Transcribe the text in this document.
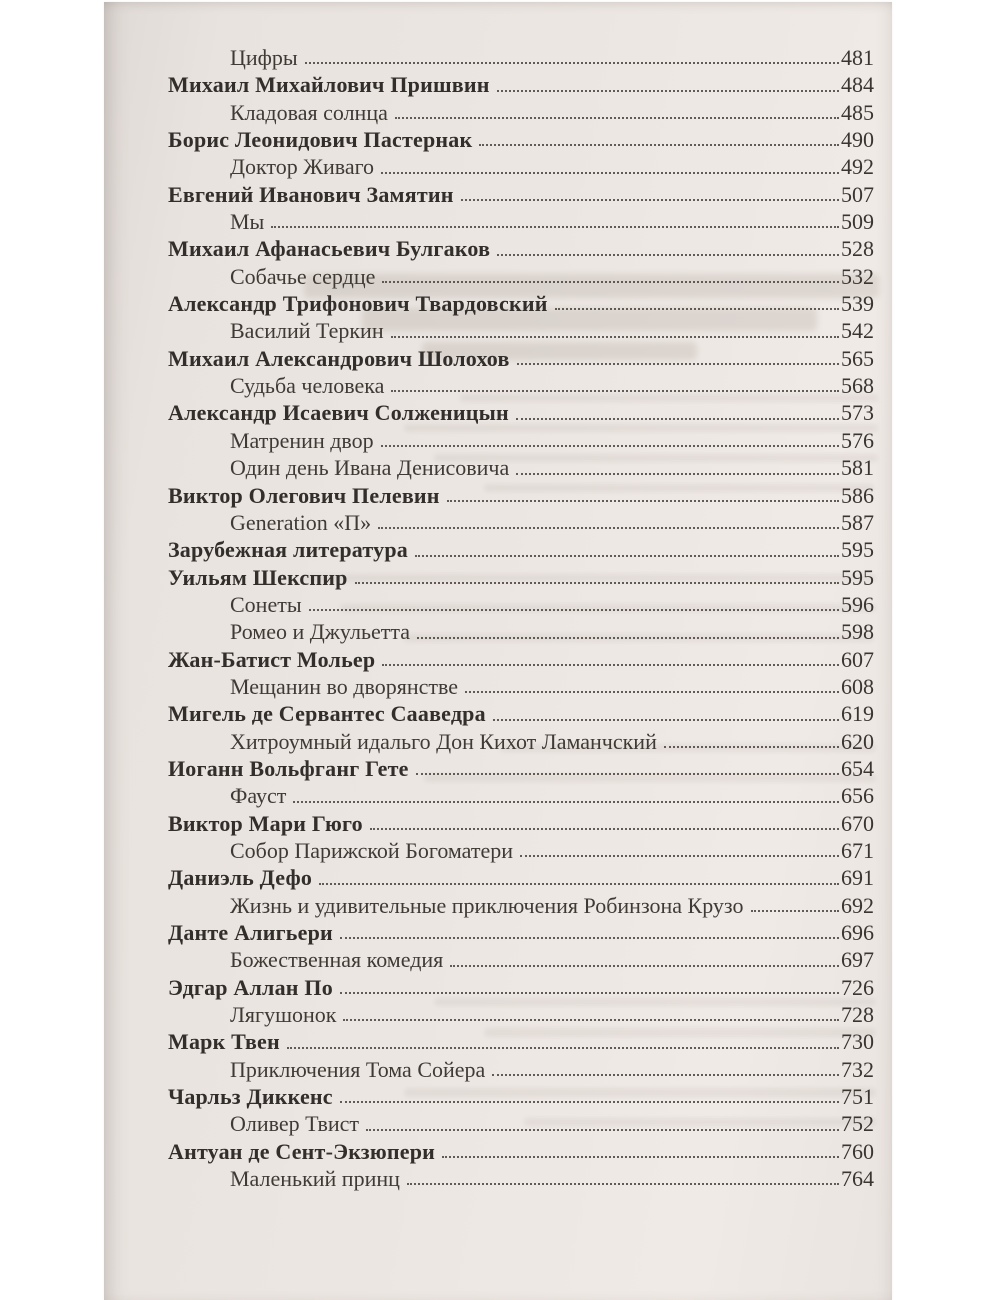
Цифры	481
Михаил Михайлович Пришвин	484
Кладовая солнца	485
Борис Леонидович Пастернак	490
Доктор Живаго	492
Евгений Иванович Замятин	507
Мы	509
Михаил Афанасьевич Булгаков	528
Собачье сердце	532
Александр Трифонович Твардовский	539
Василий Теркин	542
Михаил Александрович Шолохов	565
Судьба человека	568
Александр Исаевич Солженицын	573
Матренин двор	576
Один день Ивана Денисовича	581
Виктор Олегович Пелевин	586
Generation «П»	587
Зарубежная литература	595
Уильям Шекспир	595
Сонеты	596
Ромео и Джульетта	598
Жан-Батист Мольер	607
Мещанин во дворянстве	608
Мигель де Сервантес Сааведра	619
Хитроумный идальго Дон Кихот Ламанчский	620
Иоганн Вольфганг Гете	654
Фауст	656
Виктор Мари Гюго	670
Собор Парижской Богоматери	671
Даниэль Дефо	691
Жизнь и удивительные приключения Робинзона Крузо	692
Данте Алигьери	696
Божественная комедия	697
Эдгар Аллан По	726
Лягушонок	728
Марк Твен	730
Приключения Тома Сойера	732
Чарльз Диккенс	751
Оливер Твист	752
Антуан де Сент-Экзюпери	760
Маленький принц	764
